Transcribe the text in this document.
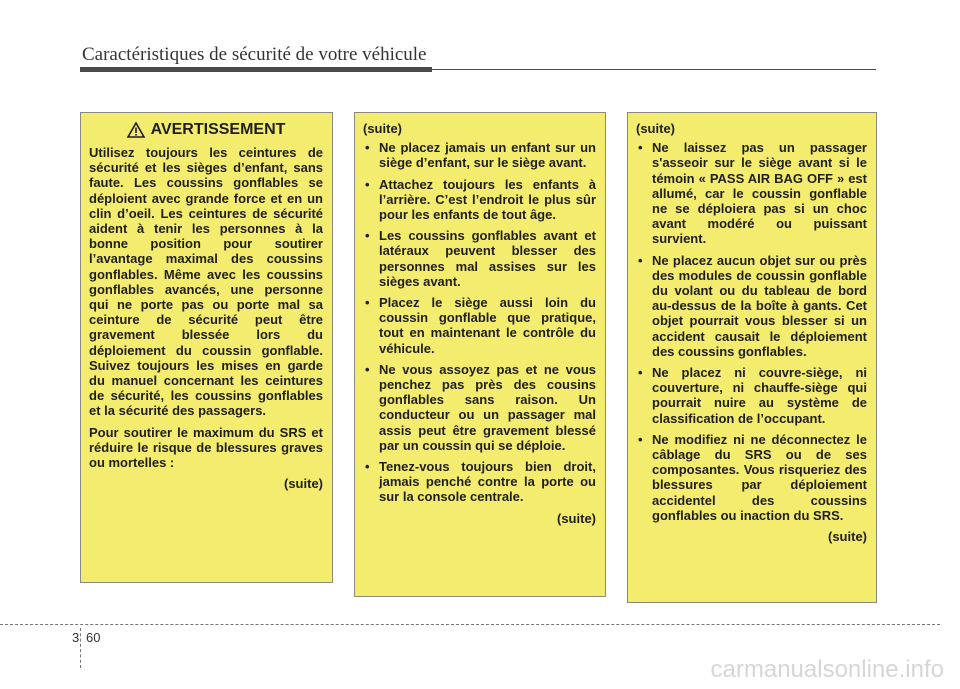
Caractéristiques de sécurité de votre véhicule
AVERTISSEMENT

Utilisez toujours les ceintures de sécurité et les sièges d’enfant, sans faute. Les coussins gonflables se déploient avec grande force et en un clin d’oeil. Les ceintures de sécurité aident à tenir les personnes à la bonne position pour soutirer l’avantage maximal des coussins gonflables. Même avec les coussins gonflables avancés, une personne qui ne porte pas ou porte mal sa ceinture de sécurité peut être gravement blessée lors du déploiement du coussin gonflable. Suivez toujours les mises en garde du manuel concernant les ceintures de sécurité, les coussins gonflables et la sécurité des passagers.

Pour soutirer le maximum du SRS et réduire le risque de blessures graves ou mortelles :

(suite)

(suite)

• Ne placez jamais un enfant sur un siège d’enfant, sur le siège avant.
• Attachez toujours les enfants à l’arrière. C’est l’endroit le plus sûr pour les enfants de tout âge.
• Les coussins gonflables avant et latéraux peuvent blesser des personnes mal assises sur les sièges avant.
• Placez le siège aussi loin du coussin gonflable que pratique, tout en maintenant le contrôle du véhicule.
• Ne vous assoyez pas et ne vous penchez pas près des cousins gonflables sans raison. Un conducteur ou un passager mal assis peut être gravement blessé par un coussin qui se déploie.
• Tenez-vous toujours bien droit, jamais penché contre la porte ou sur la console centrale.

(suite)

(suite)

• Ne laissez pas un passager s'asseoir sur le siège avant si le témoin « PASS AIR BAG OFF » est allumé, car le coussin gonflable ne se déploiera pas si un choc avant modéré ou puissant survient.
• Ne placez aucun objet sur ou près des modules de coussin gonflable du volant ou du tableau de bord au-dessus de la boîte à gants. Cet objet pourrait vous blesser si un accident causait le déploiement des coussins gonflables.
• Ne placez ni couvre-siège, ni couverture, ni chauffe-siège qui pourrait nuire au système de classification de l’occupant.
• Ne modifiez ni ne déconnectez le câblage du SRS ou de ses composantes. Vous risqueriez des blessures par déploiement accidentel des coussins gonflables ou inaction du SRS.

(suite)

3 60
carmanualsonline.info
